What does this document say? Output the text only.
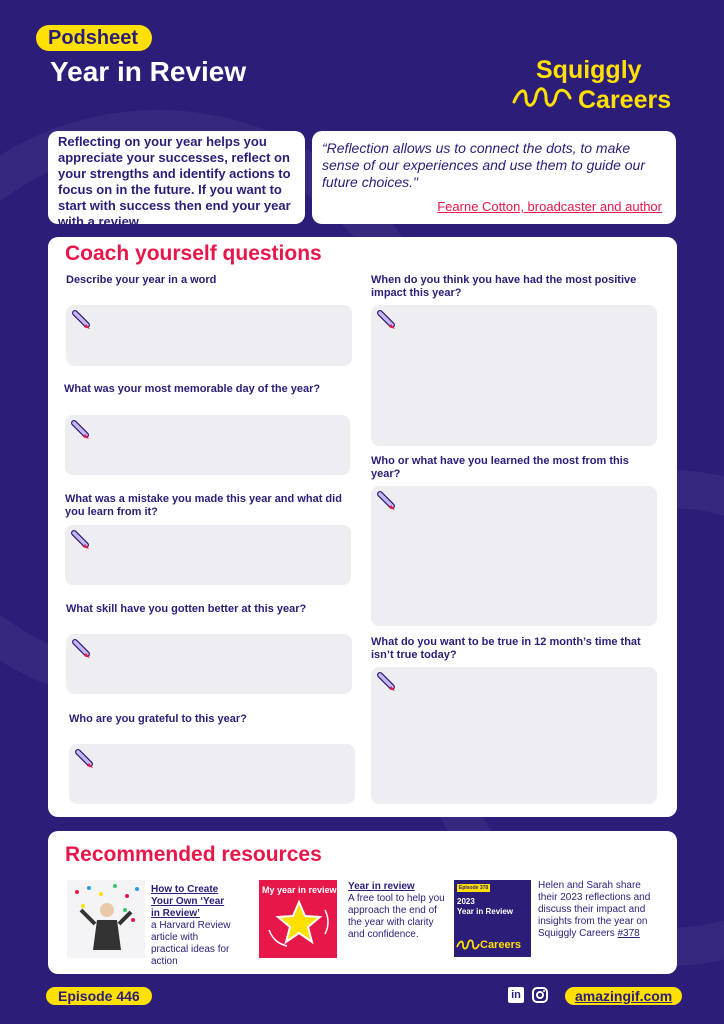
Podsheet
Year in Review	Squiggly
Careers

Reflecting on your year helps you appreciate your successes, reflect on your strengths and identify actions to focus on in the future. If you want to start with success then end your year with a review.

“Reflection allows us to connect the dots, to make sense of our experiences and use them to guide our future choices."

Fearne Cotton, broadcaster and author
Coach yourself questions
Describe your year in a word
What was your most memorable day of the year?
What was a mistake you made this year and what did you learn from it?
What skill have you gotten better at this year?
Who are you grateful to this year?
When do you think you have had the most positive impact this year?
Who or what have you learned the most from this year?
What do you want to be true in 12 month’s time that isn’t true today?
Recommended resources
How to Create Your Own ‘Year in Review’
a Harvard Review article with practical ideas for action
My year in review Year in review
A free tool to help you approach the end of the year with clarity and confidence.
Episode 378
2023
Year in Review
Careers
Helen and Sarah share their 2023 reflections and discuss their impact and insights from the year on Squiggly Careers #378
Episode 446	in	amazingif.com
